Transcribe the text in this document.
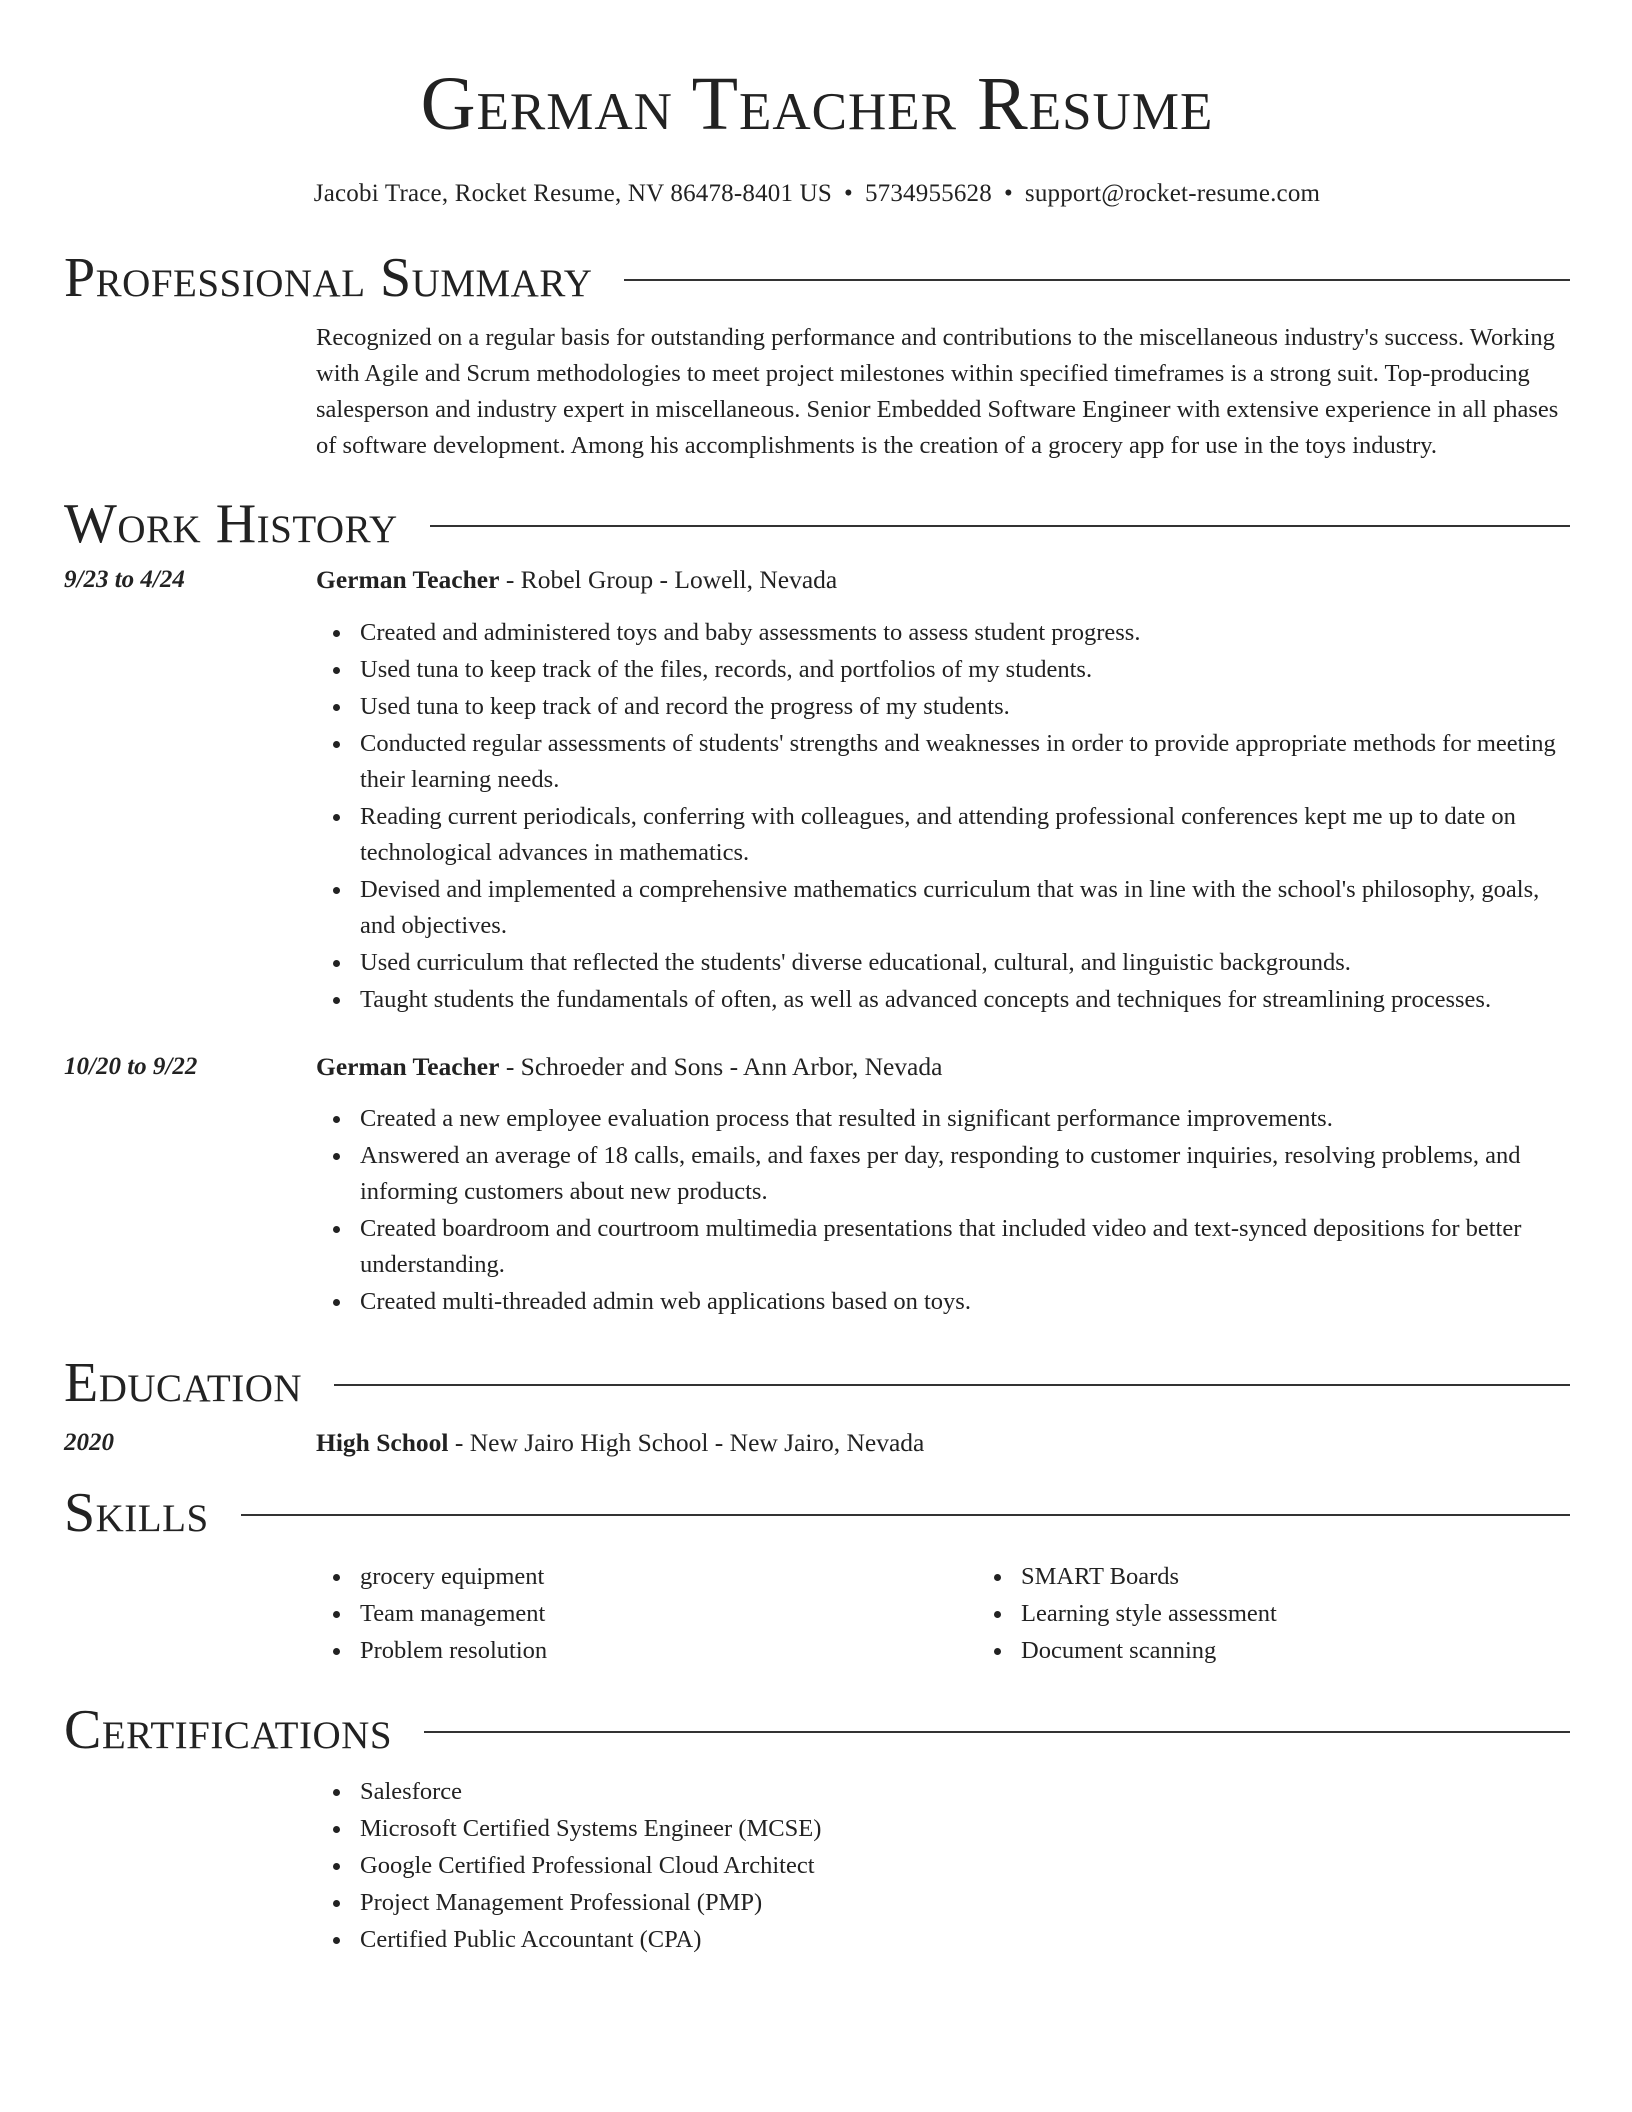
German Teacher Resume
Jacobi Trace, Rocket Resume, NV 86478-8401 US • 5734955628 • support@rocket-resume.com
Professional Summary
Recognized on a regular basis for outstanding performance and contributions to the miscellaneous industry's success. Working with Agile and Scrum methodologies to meet project milestones within specified timeframes is a strong suit. Top-producing salesperson and industry expert in miscellaneous. Senior Embedded Software Engineer with extensive experience in all phases of software development. Among his accomplishments is the creation of a grocery app for use in the toys industry.
Work History
9/23 to 4/24	German Teacher - Robel Group - Lowell, Nevada
Created and administered toys and baby assessments to assess student progress.
Used tuna to keep track of the files, records, and portfolios of my students.
Used tuna to keep track of and record the progress of my students.
Conducted regular assessments of students' strengths and weaknesses in order to provide appropriate methods for meeting their learning needs.
Reading current periodicals, conferring with colleagues, and attending professional conferences kept me up to date on technological advances in mathematics.
Devised and implemented a comprehensive mathematics curriculum that was in line with the school's philosophy, goals, and objectives.
Used curriculum that reflected the students' diverse educational, cultural, and linguistic backgrounds.
Taught students the fundamentals of often, as well as advanced concepts and techniques for streamlining processes.
10/20 to 9/22	German Teacher - Schroeder and Sons - Ann Arbor, Nevada
Created a new employee evaluation process that resulted in significant performance improvements.
Answered an average of 18 calls, emails, and faxes per day, responding to customer inquiries, resolving problems, and informing customers about new products.
Created boardroom and courtroom multimedia presentations that included video and text-synced depositions for better understanding.
Created multi-threaded admin web applications based on toys.
Education
2020	High School - New Jairo High School - New Jairo, Nevada
Skills
grocery equipment
Team management
Problem resolution
SMART Boards
Learning style assessment
Document scanning
Certifications
Salesforce
Microsoft Certified Systems Engineer (MCSE)
Google Certified Professional Cloud Architect
Project Management Professional (PMP)
Certified Public Accountant (CPA)
